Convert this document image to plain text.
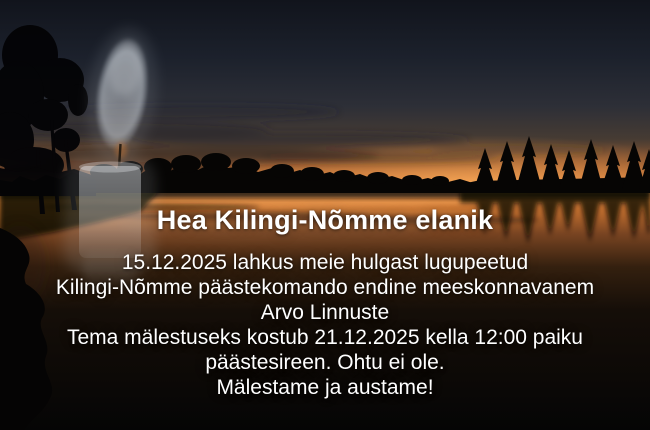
Hea Kilingi-Nõmme elanik
15.12.2025 lahkus meie hulgast lugupeetud
Kilingi-Nõmme päästekomando endine meeskonnavanem
Arvo Linnuste
Tema mälestuseks kostub 21.12.2025 kella 12:00 paiku
päästesireen. Ohtu ei ole.
Mälestame ja austame!
